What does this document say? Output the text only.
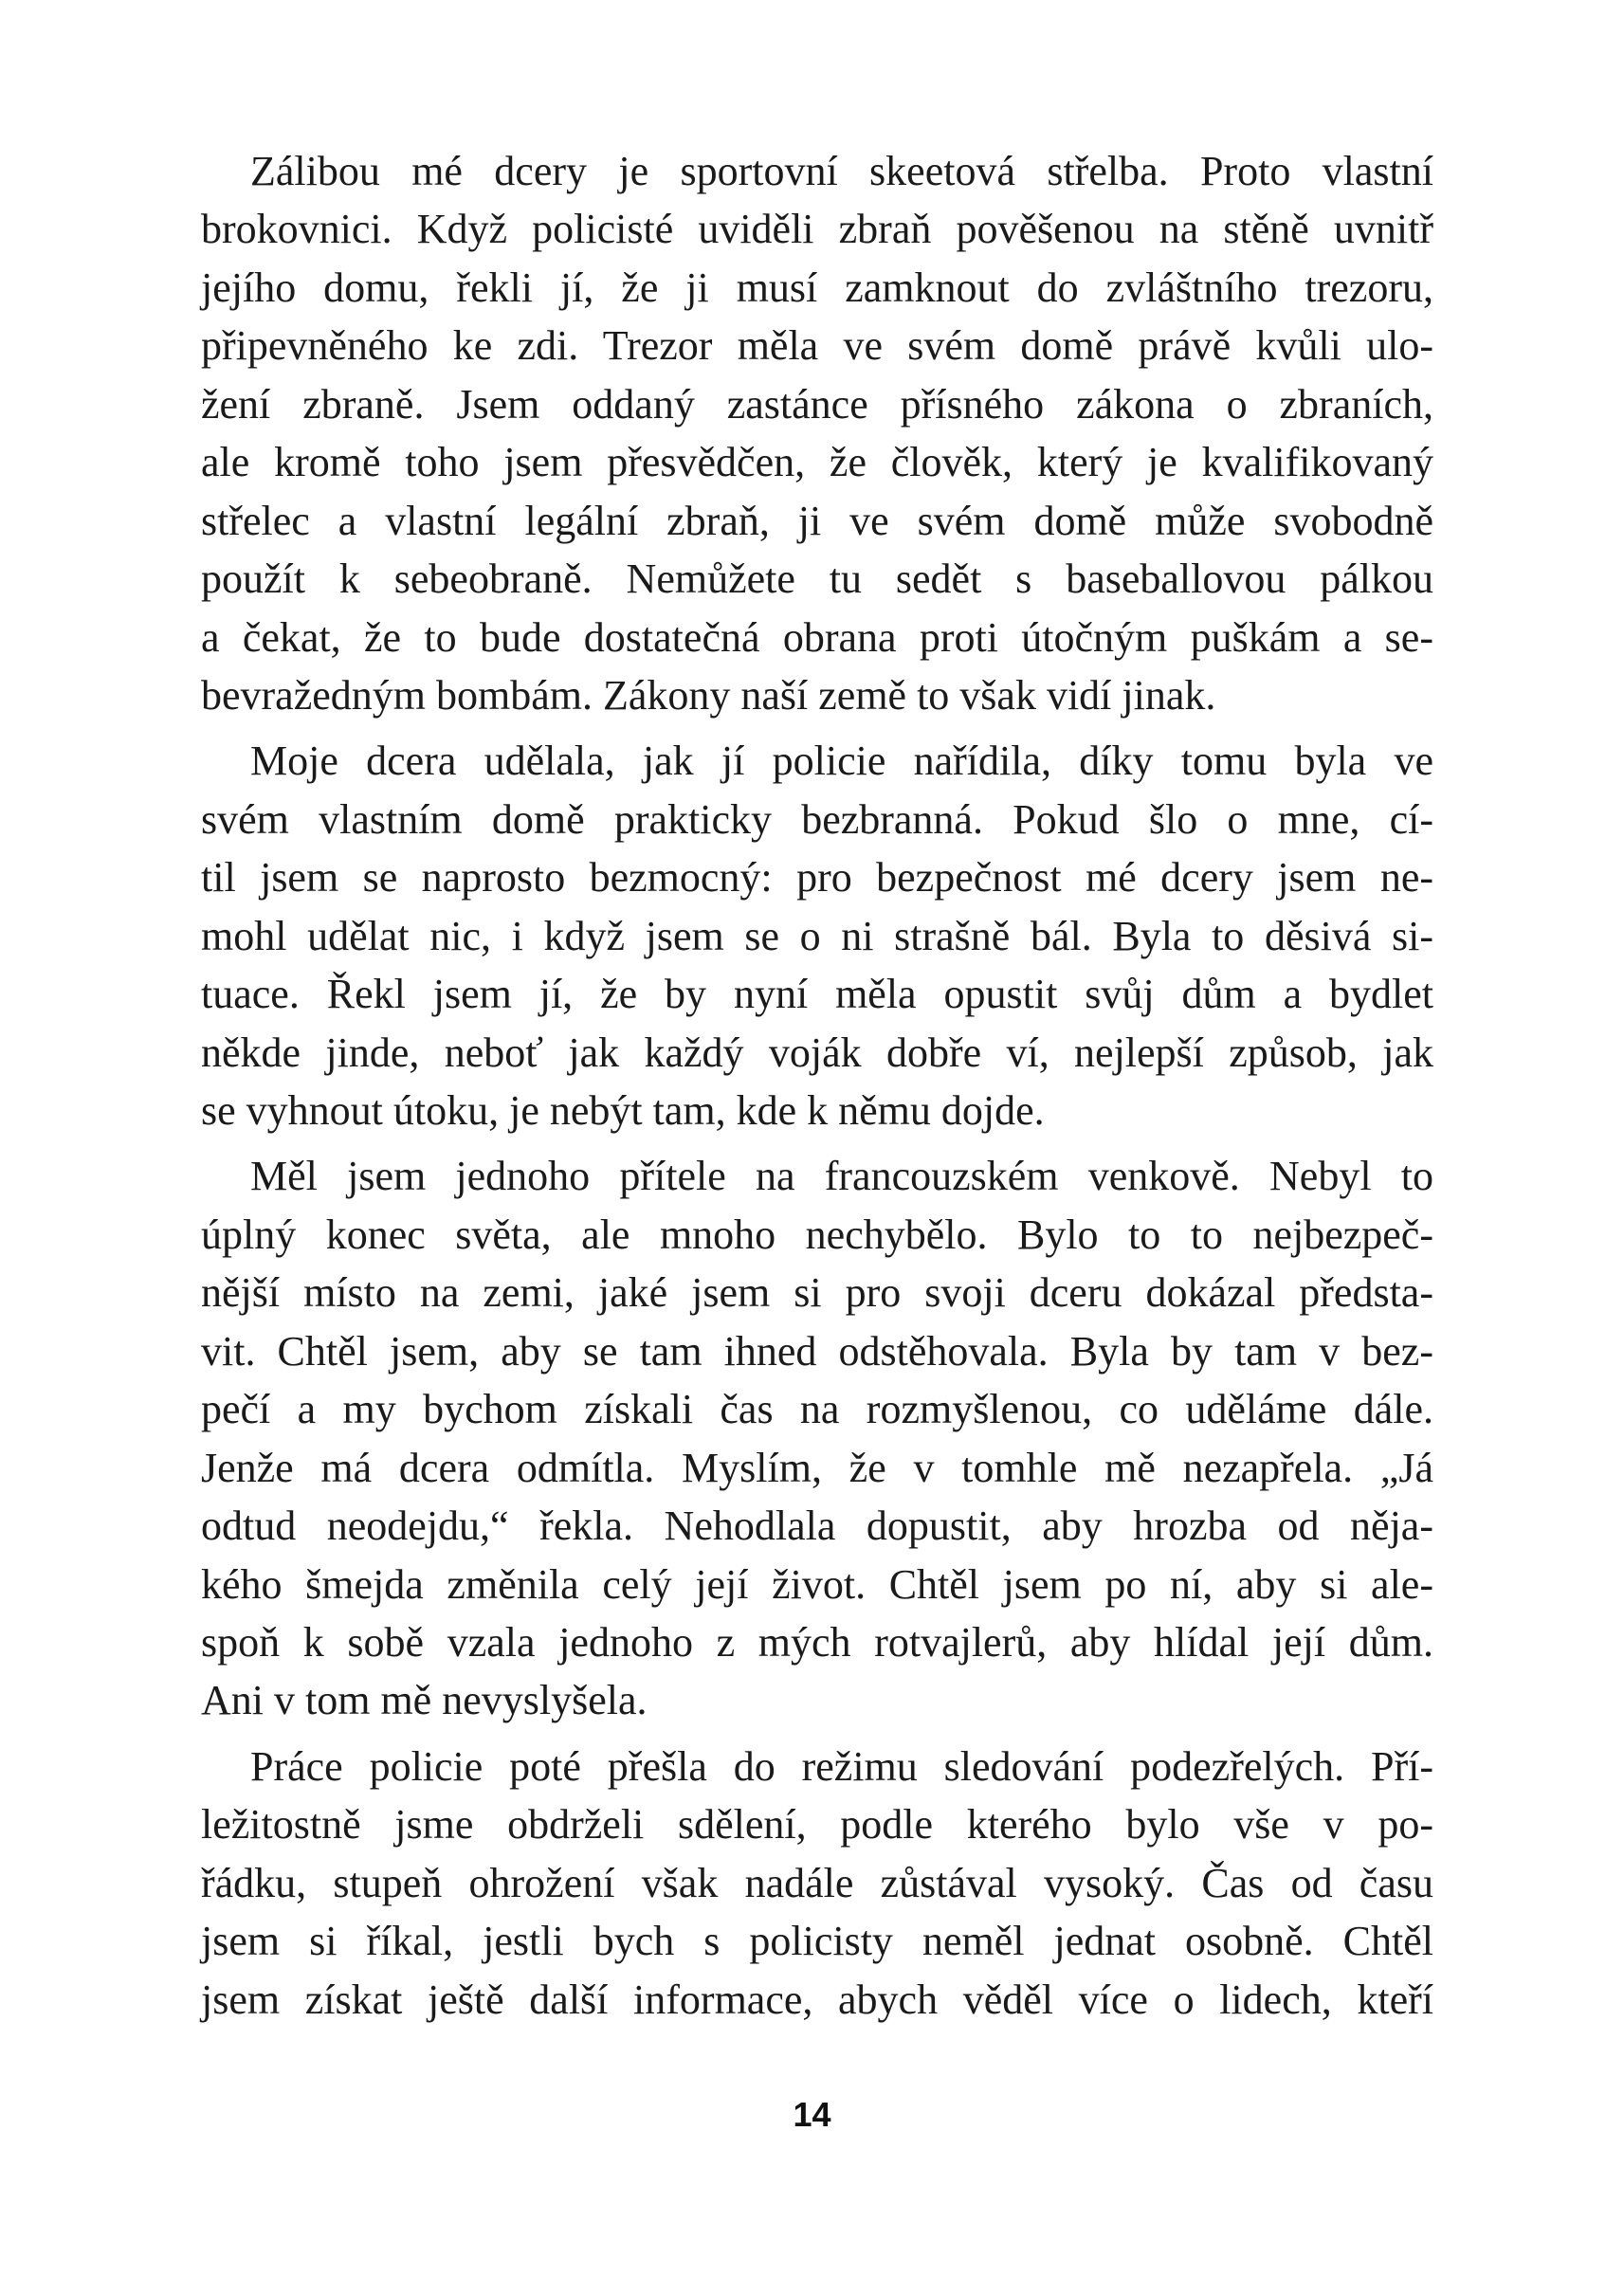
Zálibou mé dcery je sportovní skeetová střelba. Proto vlastní
brokovnici. Když policisté uviděli zbraň pověšenou na stěně uvnitř
jejího domu, řekli jí, že ji musí zamknout do zvláštního trezoru,
připevněného ke zdi. Trezor měla ve svém domě právě kvůli ulo-
žení zbraně. Jsem oddaný zastánce přísného zákona o zbraních,
ale kromě toho jsem přesvědčen, že člověk, který je kvalifikovaný
střelec a vlastní legální zbraň, ji ve svém domě může svobodně
použít k sebeobraně. Nemůžete tu sedět s baseballovou pálkou
a čekat, že to bude dostatečná obrana proti útočným puškám a se-
bevražedným bombám. Zákony naší země to však vidí jinak.
Moje dcera udělala, jak jí policie nařídila, díky tomu byla ve
svém vlastním domě prakticky bezbranná. Pokud šlo o mne, cí-
til jsem se naprosto bezmocný: pro bezpečnost mé dcery jsem ne-
mohl udělat nic, i když jsem se o ni strašně bál. Byla to děsivá si-
tuace. Řekl jsem jí, že by nyní měla opustit svůj dům a bydlet
někde jinde, neboť jak každý voják dobře ví, nejlepší způsob, jak
se vyhnout útoku, je nebýt tam, kde k němu dojde.
Měl jsem jednoho přítele na francouzském venkově. Nebyl to
úplný konec světa, ale mnoho nechybělo. Bylo to to nejbezpeč-
nější místo na zemi, jaké jsem si pro svoji dceru dokázal předsta-
vit. Chtěl jsem, aby se tam ihned odstěhovala. Byla by tam v bez-
pečí a my bychom získali čas na rozmyšlenou, co uděláme dále.
Jenže má dcera odmítla. Myslím, že v tomhle mě nezapřela. „Já
odtud neodejdu,“ řekla. Nehodlala dopustit, aby hrozba od něja-
kého šmejda změnila celý její život. Chtěl jsem po ní, aby si ale-
spoň k sobě vzala jednoho z mých rotvajlerů, aby hlídal její dům.
Ani v tom mě nevyslyšela.
Práce policie poté přešla do režimu sledování podezřelých. Pří-
ležitostně jsme obdrželi sdělení, podle kterého bylo vše v po-
řádku, stupeň ohrožení však nadále zůstával vysoký. Čas od času
jsem si říkal, jestli bych s policisty neměl jednat osobně. Chtěl
jsem získat ještě další informace, abych věděl více o lidech, kteří
14
